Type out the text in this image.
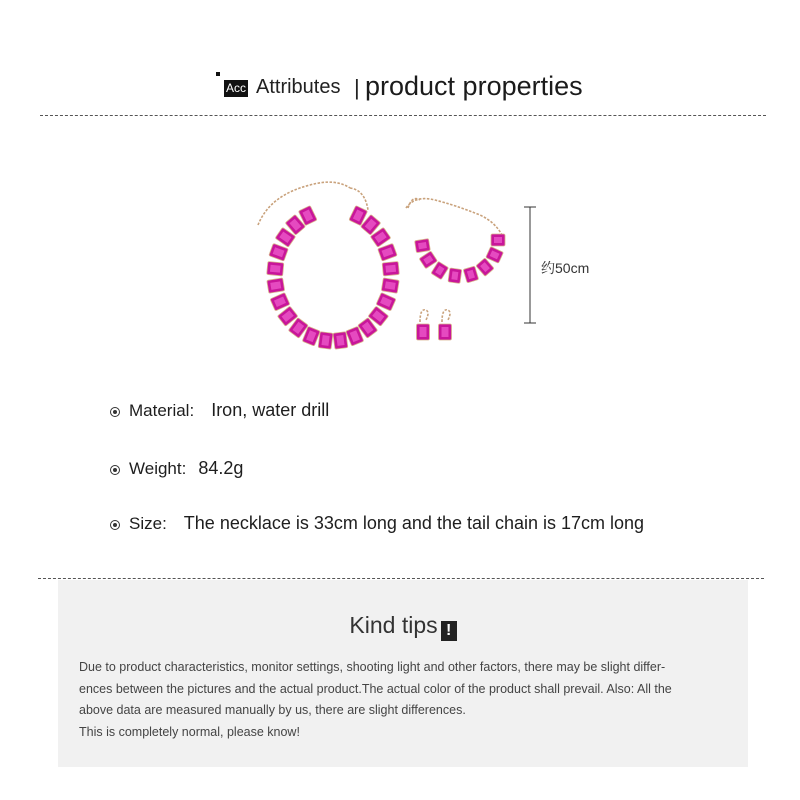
Acc Attributes | product properties
约50cm
Material: Iron, water drill
Weight: 84.2g
Size: The necklace is 33cm long and the tail chain is 17cm long
Kind tips !
Due to product characteristics, monitor settings, shooting light and other factors, there may be slight differ-
ences between the pictures and the actual product.The actual color of the product shall prevail. Also: All the
above data are measured manually by us, there are slight differences.
This is completely normal, please know!
